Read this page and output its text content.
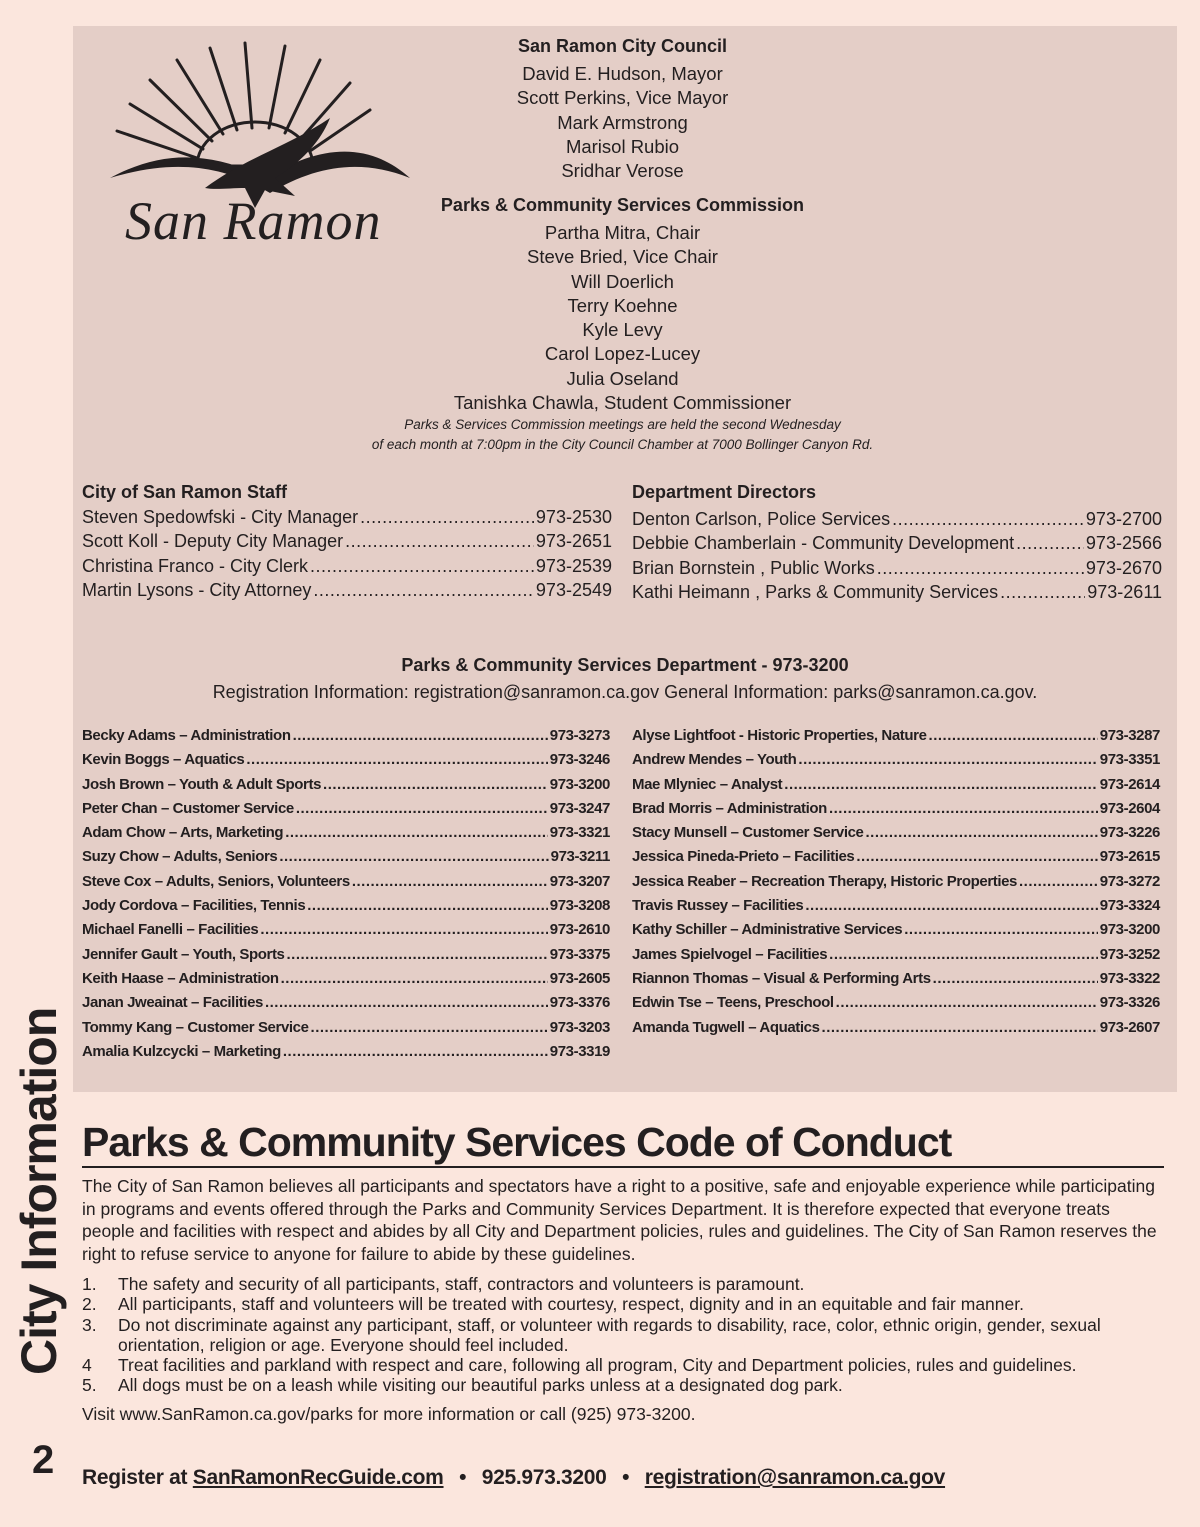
City Information
2
San Ramon
San Ramon City Council
David E. Hudson, Mayor
Scott Perkins, Vice Mayor
Mark Armstrong
Marisol Rubio
Sridhar Verose
Parks & Community Services Commission
Partha Mitra, Chair
Steve Bried, Vice Chair
Will Doerlich
Terry Koehne
Kyle Levy
Carol Lopez-Lucey
Julia Oseland
Tanishka Chawla, Student Commissioner
Parks & Services Commission meetings are held the second Wednesday
of each month at 7:00pm in the City Council Chamber at 7000 Bollinger Canyon Rd.
City of San Ramon Staff
Steven Spedowfski - City Manager .....	973-2530
Scott Koll - Deputy City Manager .....	973-2651
Christina Franco - City Clerk .....	973-2539
Martin Lysons - City Attorney .....	973-2549
Department Directors
Denton Carlson, Police Services .....	973-2700
Debbie Chamberlain - Community Development .....	973-2566
Brian Bornstein , Public Works .....	973-2670
Kathi Heimann , Parks & Community Services .....	973-2611
Parks & Community Services Department - 973-3200
Registration Information: registration@sanramon.ca.gov General Information: parks@sanramon.ca.gov.
Becky Adams – Administration .....	973-3273
Kevin Boggs – Aquatics .....	973-3246
Josh Brown – Youth & Adult Sports .....	973-3200
Peter Chan – Customer Service .....	973-3247
Adam Chow – Arts, Marketing .....	973-3321
Suzy Chow – Adults, Seniors .....	973-3211
Steve Cox – Adults, Seniors, Volunteers .....	973-3207
Jody Cordova – Facilities, Tennis .....	973-3208
Michael Fanelli – Facilities .....	973-2610
Jennifer Gault – Youth, Sports .....	973-3375
Keith Haase – Administration .....	973-2605
Janan Jweainat – Facilities .....	973-3376
Tommy Kang – Customer Service .....	973-3203
Amalia Kulzcycki – Marketing .....	973-3319
Alyse Lightfoot - Historic Properties, Nature .....	973-3287
Andrew Mendes – Youth .....	973-3351
Mae Mlyniec – Analyst .....	973-2614
Brad Morris – Administration .....	973-2604
Stacy Munsell – Customer Service .....	973-3226
Jessica Pineda-Prieto – Facilities .....	973-2615
Jessica Reaber – Recreation Therapy, Historic Properties .....	973-3272
Travis Russey – Facilities .....	973-3324
Kathy Schiller – Administrative Services .....	973-3200
James Spielvogel – Facilities .....	973-3252
Riannon Thomas – Visual & Performing Arts .....	973-3322
Edwin Tse – Teens, Preschool .....	973-3326
Amanda Tugwell – Aquatics .....	973-2607
Parks & Community Services Code of Conduct
The City of San Ramon believes all participants and spectators have a right to a positive, safe and enjoyable experience while participating in programs and events offered through the Parks and Community Services Department. It is therefore expected that everyone treats people and facilities with respect and abides by all City and Department policies, rules and guidelines. The City of San Ramon reserves the right to refuse service to anyone for failure to abide by these guidelines.
1.	The safety and security of all participants, staff, contractors and volunteers is paramount.
2.	All participants, staff and volunteers will be treated with courtesy, respect, dignity and in an equitable and fair manner.
3.	Do not discriminate against any participant, staff, or volunteer with regards to disability, race, color, ethnic origin, gender, sexual orientation, religion or age. Everyone should feel included.
4	Treat facilities and parkland with respect and care, following all program, City and Department policies, rules and guidelines.
5.	All dogs must be on a leash while visiting our beautiful parks unless at a designated dog park.
Visit www.SanRamon.ca.gov/parks for more information or call (925) 973-3200.
Register at SanRamonRecGuide.com • 925.973.3200 • registration@sanramon.ca.gov
